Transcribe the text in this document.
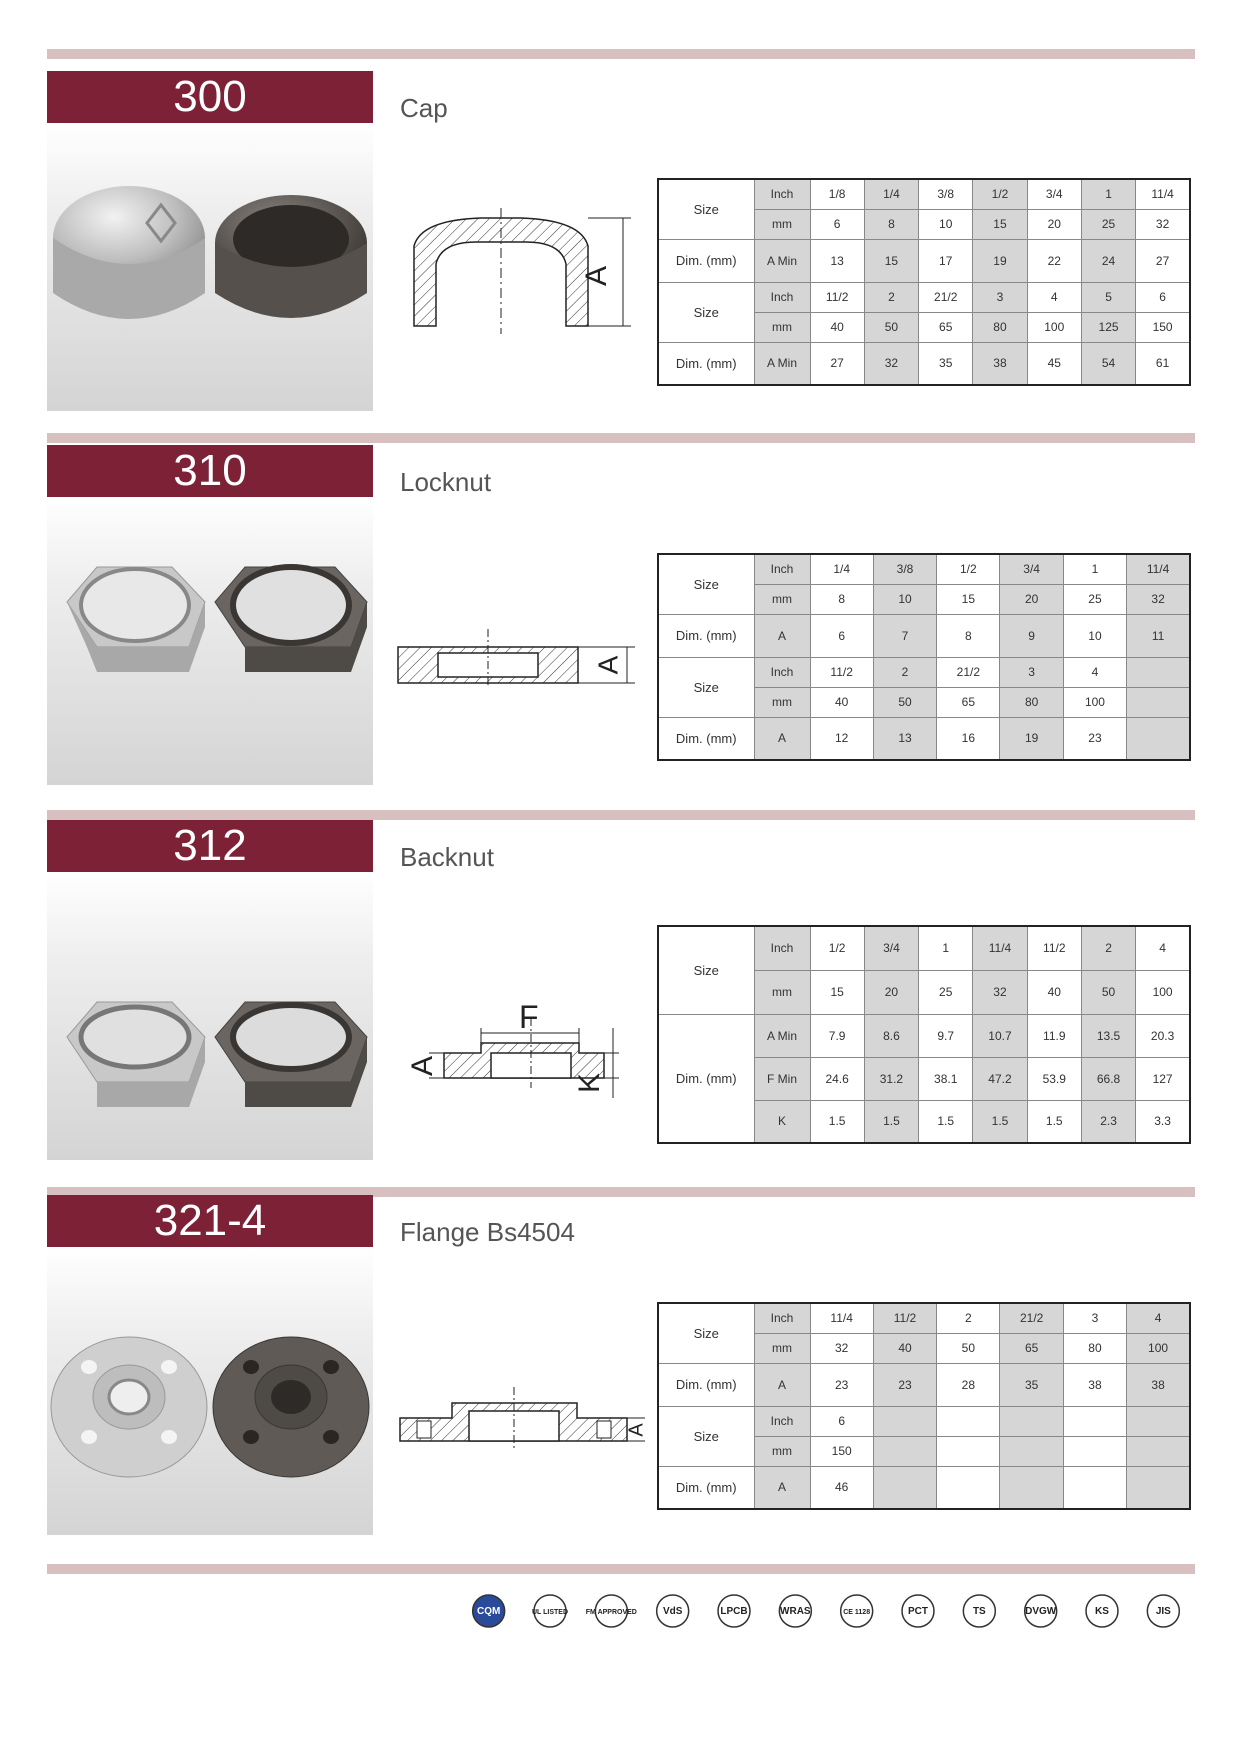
300	Cap
A
Size	Inch	1/8	1/4	3/8	1/2	3/4	1	11/4
	mm	6	8	10	15	20	25	32
Dim. (mm)	A Min	13	15	17	19	22	24	27
Size	Inch	11/2	2	21/2	3	4	5	6
	mm	40	50	65	80	100	125	150
Dim. (mm)	A Min	27	32	35	38	45	54	61
310	Locknut
A
Size	Inch	1/4	3/8	1/2	3/4	1	11/4
	mm	8	10	15	20	25	32
Dim. (mm)	A	6	7	8	9	10	11
Size	Inch	11/2	2	21/2	3	4	
	mm	40	50	65	80	100	
Dim. (mm)	A	12	13	16	19	23	
312	Backnut
F
A
K
Size	Inch	1/2	3/4	1	11/4	11/2	2	4
	mm	15	20	25	32	40	50	100
Dim. (mm)	A Min	7.9	8.6	9.7	10.7	11.9	13.5	20.3
	F Min	24.6	31.2	38.1	47.2	53.9	66.8	127
	K	1.5	1.5	1.5	1.5	1.5	2.3	3.3
321-4	Flange Bs4504
A
Size	Inch	11/4	11/2	2	21/2	3	4
	mm	32	40	50	65	80	100
Dim. (mm)	A	23	23	28	35	38	38
Size	Inch	6					
	mm	150					
Dim. (mm)	A	46					
CQM	UL LISTED	FM APPROVED	VdS	LPCB	WRAS	CE 1128	PCT	TS	DVGW	KS	JIS
